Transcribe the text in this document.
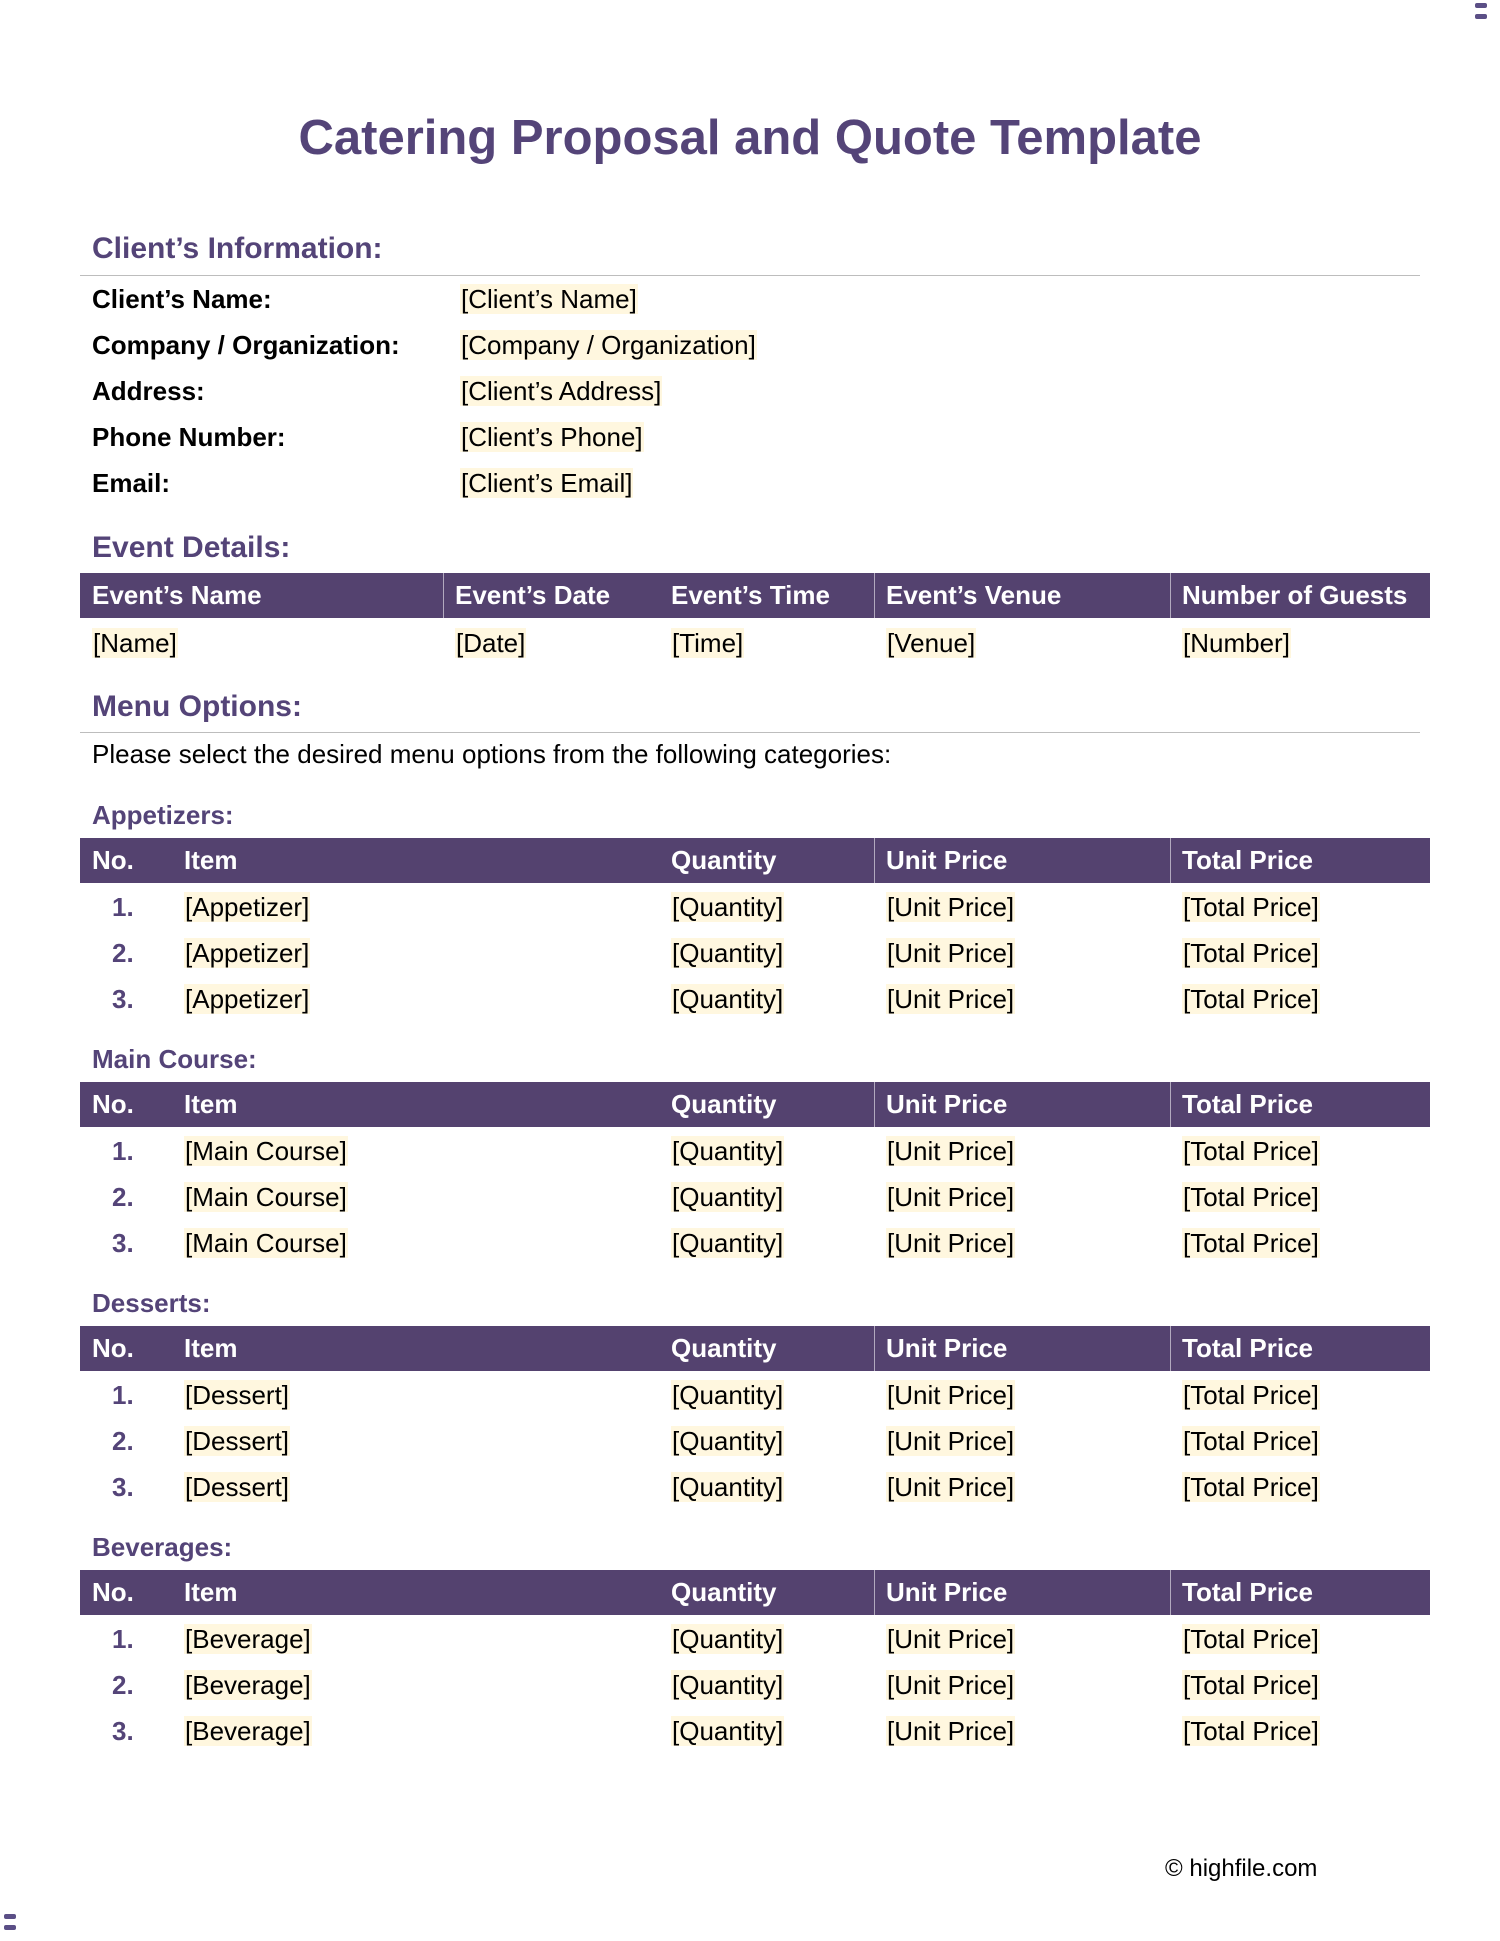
Catering Proposal and Quote Template
Client’s Information:
Client’s Name:	[Client’s Name]
Company / Organization: [Company / Organization]
Address:	[Client’s Address]
Phone Number:	[Client’s Phone]
Email:	[Client’s Email]
Event Details:
Event’s Name	Event’s Date	Event’s Time	Event’s Venue	Number of Guests
[Name]	[Date]	[Time]	[Venue]	[Number]
Menu Options:
Please select the desired menu options from the following categories:
Appetizers:
No.	Item	Quantity	Unit Price	Total Price
1. [Appetizer]	[Quantity]	[Unit Price]	[Total Price]
2. [Appetizer]	[Quantity]	[Unit Price]	[Total Price]
3. [Appetizer]	[Quantity]	[Unit Price]	[Total Price]
Main Course:
No.	Item	Quantity	Unit Price	Total Price
1. [Main Course]	[Quantity]	[Unit Price]	[Total Price]
2. [Main Course]	[Quantity]	[Unit Price]	[Total Price]
3. [Main Course]	[Quantity]	[Unit Price]	[Total Price]
Desserts:
No.	Item	Quantity	Unit Price	Total Price
1. [Dessert]	[Quantity]	[Unit Price]	[Total Price]
2. [Dessert]	[Quantity]	[Unit Price]	[Total Price]
3. [Dessert]	[Quantity]	[Unit Price]	[Total Price]
Beverages:
No.	Item	Quantity	Unit Price	Total Price
1. [Beverage]	[Quantity]	[Unit Price]	[Total Price]
2. [Beverage]	[Quantity]	[Unit Price]	[Total Price]
3. [Beverage]	[Quantity]	[Unit Price]	[Total Price]
© highfile.com
